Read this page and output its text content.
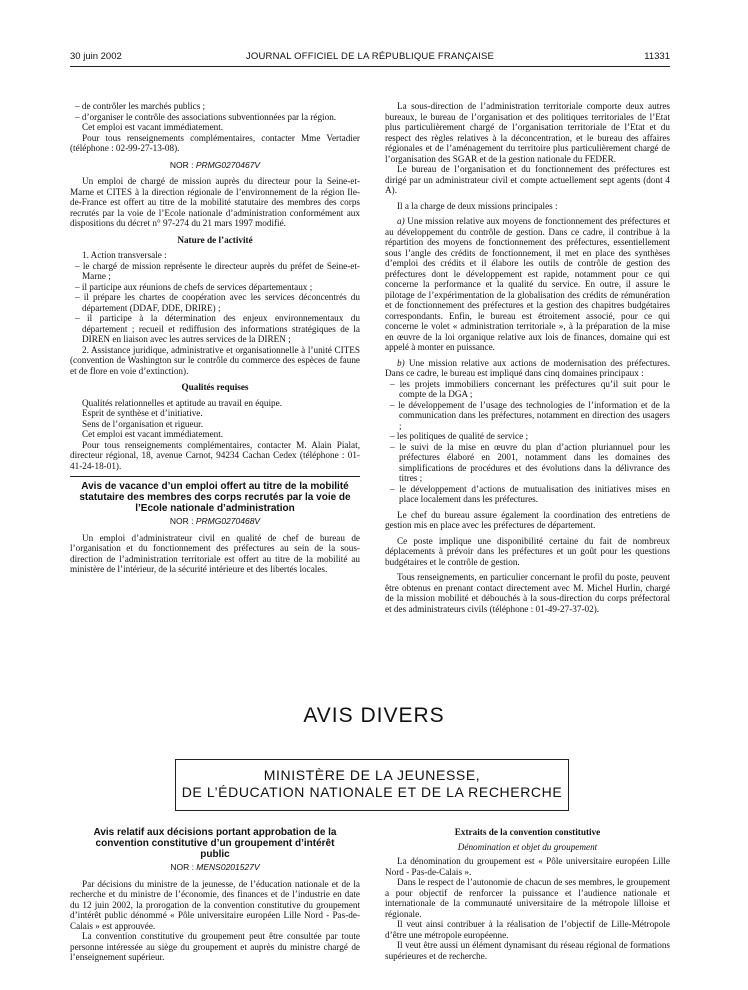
30 juin 2002	JOURNAL OFFICIEL DE LA RÉPUBLIQUE FRANÇAISE	11331

– de contrôler les marchés publics ;

– d’organiser le contrôle des associations subventionnées par la région.

Cet emploi est vacant immédiatement.

Pour tous renseignements complémentaires, contacter Mme Vertadier (téléphone : 02-99-27-13-08).

NOR : PRMG0270467V

Un emploi de chargé de mission auprès du directeur pour la Seine-et-Marne et CITES à la direction régionale de l’environnement de la région Ile-de-France est offert au titre de la mobilité statutaire des membres des corps recrutés par la voie de l’Ecole nationale d’administration conformément aux dispositions du décret n° 97-274 du 21 mars 1997 modifié.

Nature de l’activité

1. Action transversale :

– le chargé de mission représente le directeur auprès du préfet de Seine-et-Marne ;

– il participe aux réunions de chefs de services départementaux ;

– il prépare les chartes de coopération avec les services déconcentrés du département (DDAF, DDE, DRIRE) ;

– il participe à la détermination des enjeux environnementaux du département ; recueil et rediffusion des informations stratégiques de la DIREN en liaison avec les autres services de la DIREN ;

2. Assistance juridique, administrative et organisationnelle à l’unité CITES (convention de Washington sur le contrôle du commerce des espèces de faune et de flore en voie d’extinction).

Qualités requises

Qualités relationnelles et aptitude au travail en équipe.

Esprit de synthèse et d’initiative.

Sens de l’organisation et rigueur.

Cet emploi est vacant immédiatement.

Pour tous renseignements complémentaires, contacter M. Alain Pialat, directeur régional, 18, avenue Carnot, 94234 Cachan Cedex (téléphone : 01-41-24-18-01).

Avis de vacance d’un emploi offert au titre de la mobilité statutaire des membres des corps recrutés par la voie de l’Ecole nationale d’administration

NOR : PRMG0270468V

Un emploi d’administrateur civil en qualité de chef de bureau de l’organisation et du fonctionnement des préfectures au sein de la sous-direction de l’administration territoriale est offert au titre de la mobilité au ministère de l’intérieur, de la sécurité intérieure et des libertés locales.

La sous-direction de l’administration territoriale comporte deux autres bureaux, le bureau de l’organisation et des politiques territoriales de l’Etat plus particulièrement chargé de l’organisation territoriale de l’Etat et du respect des règles relatives à la déconcentration, et le bureau des affaires régionales et de l’aménagement du territoire plus particulièrement chargé de l’organisation des SGAR et de la gestion nationale du FEDER.

Le bureau de l’organisation et du fonctionnement des préfectures est dirigé par un administrateur civil et compte actuellement sept agents (dont 4 A).

Il a la charge de deux missions principales :

a) Une mission relative aux moyens de fonctionnement des préfectures et au développement du contrôle de gestion. Dans ce cadre, il contribue à la répartition des moyens de fonctionnement des préfectures, essentiellement sous l’angle des crédits de fonctionnement, il met en place des synthèses d’emploi des crédits et il élabore les outils de contrôle de gestion des préfectures dont le développement est rapide, notamment pour ce qui concerne la performance et la qualité du service. En outre, il assure le pilotage de l’expérimentation de la globalisation des crédits de rémunération et de fonctionnement des préfectures et la gestion des chapitres budgétaires correspondants. Enfin, le bureau est étroitement associé, pour ce qui concerne le volet « administration territoriale », à la préparation de la mise en œuvre de la loi organique relative aux lois de finances, domaine qui est appelé à monter en puissance.

b) Une mission relative aux actions de modernisation des préfectures. Dans ce cadre, le bureau est impliqué dans cinq domaines principaux :

– les projets immobiliers concernant les préfectures qu’il suit pour le compte de la DGA ;

– le développement de l’usage des technologies de l’information et de la communication dans les préfectures, notamment en direction des usagers ;

– les politiques de qualité de service ;

– le suivi de la mise en œuvre du plan d’action pluriannuel pour les préfectures élaboré en 2001, notamment dans les domaines des simplifications de procédures et des évolutions dans la délivrance des titres ;

– le développement d’actions de mutualisation des initiatives mises en place localement dans les préfectures.

Le chef du bureau assure également la coordination des entretiens de gestion mis en place avec les préfectures de département.

Ce poste implique une disponibilité certaine du fait de nombreux déplacements à prévoir dans les préfectures et un goût pour les questions budgétaires et le contrôle de gestion.

Tous renseignements, en particulier concernant le profil du poste, peuvent être obtenus en prenant contact directement avec M. Michel Hurlin, chargé de la mission mobilité et débouchés à la sous-direction du corps préfectoral et des administrateurs civils (téléphone : 01-49-27-37-02).

AVIS DIVERS
MINISTÈRE DE LA JEUNESSE,
DE L’ÉDUCATION NATIONALE ET DE LA RECHERCHE

Avis relatif aux décisions portant approbation de la convention constitutive d’un groupement d’intérêt public

NOR : MENS0201527V

Par décisions du ministre de la jeunesse, de l’éducation nationale et de la recherche et du ministre de l’économie, des finances et de l’industrie en date du 12 juin 2002, la prorogation de la convention constitutive du groupement d’intérêt public dénommé « Pôle universitaire européen Lille Nord - Pas-de-Calais » est approuvée.

La convention constitutive du groupement peut être consultée par toute personne intéressée au siège du groupement et auprès du ministre chargé de l’enseignement supérieur.

Extraits de la convention constitutive

Dénomination et objet du groupement

La dénomination du groupement est « Pôle universitaire européen Lille Nord - Pas-de-Calais ».

Dans le respect de l’autonomie de chacun de ses membres, le groupement a pour objectif de renforcer la puissance et l’audience nationale et internationale de la communauté universitaire de la métropole lilloise et régionale.

Il veut ainsi contribuer à la réalisation de l’objectif de Lille-Métropole d’être une métropole européenne.

Il veut être aussi un élément dynamisant du réseau régional de formations supérieures et de recherche.
